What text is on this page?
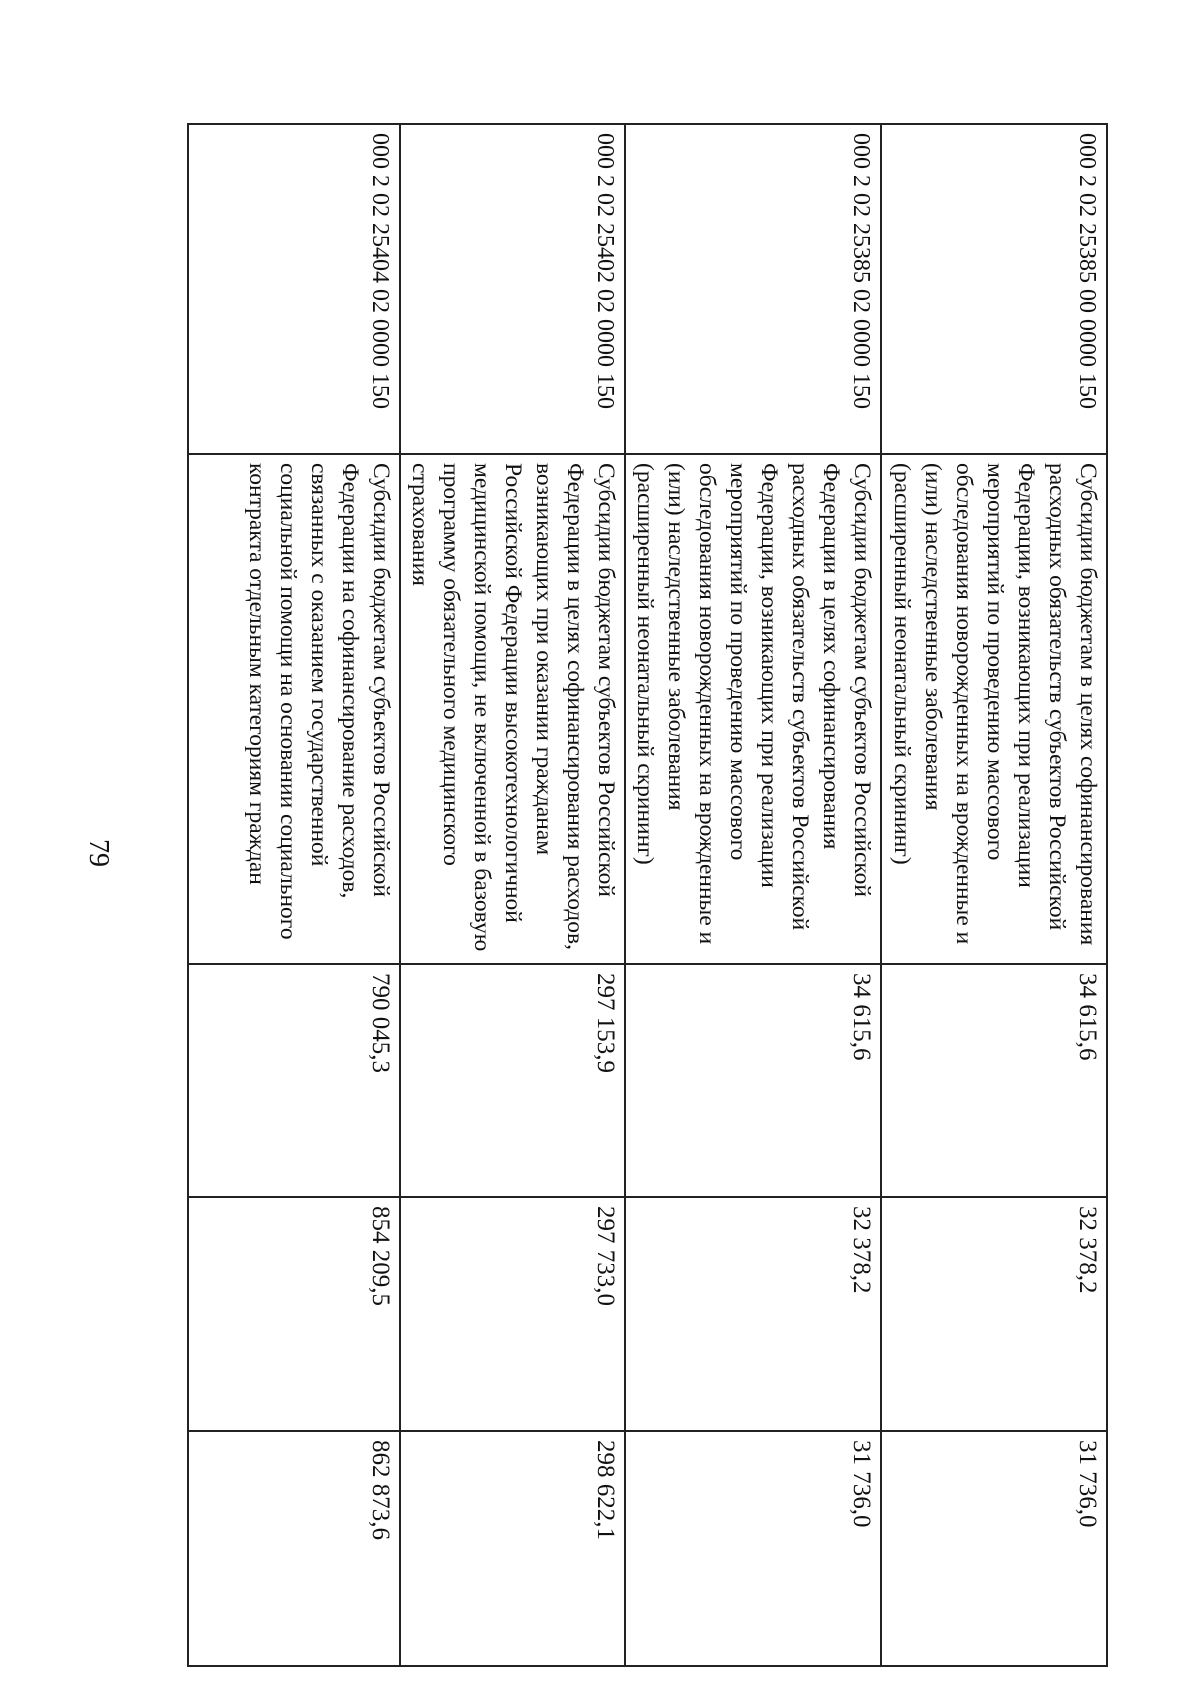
79
000 2 02 25385 00 0000 150	Субсидии бюджетам в целях софинансирования расходных обязательств субъектов Российской Федерации, возникающих при реализации мероприятий по проведению массового обследования новорожденных на врожденные и (или) наследственные заболевания (расширенный неонатальный скрининг)	34 615,6	32 378,2	31 736,0
000 2 02 25385 02 0000 150	Субсидии бюджетам субъектов Российской Федерации в целях софинансирования расходных обязательств субъектов Российской Федерации, возникающих при реализации мероприятий по проведению массового обследования новорожденных на врожденные и (или) наследственные заболевания (расширенный неонатальный скрининг)	34 615,6	32 378,2	31 736,0
000 2 02 25402 02 0000 150	Субсидии бюджетам субъектов Российской Федерации в целях софинансирования расходов, возникающих при оказании гражданам Российской Федерации высокотехнологичной медицинской помощи, не включенной в базовую программу обязательного медицинского страхования	297 153,9	297 733,0	298 622,1
000 2 02 25404 02 0000 150	Субсидии бюджетам субъектов Российской Федерации на софинансирование расходов, связанных с оказанием государственной социальной помощи на основании социального контракта отдельным категориям граждан	790 045,3	854 209,5	862 873,6
